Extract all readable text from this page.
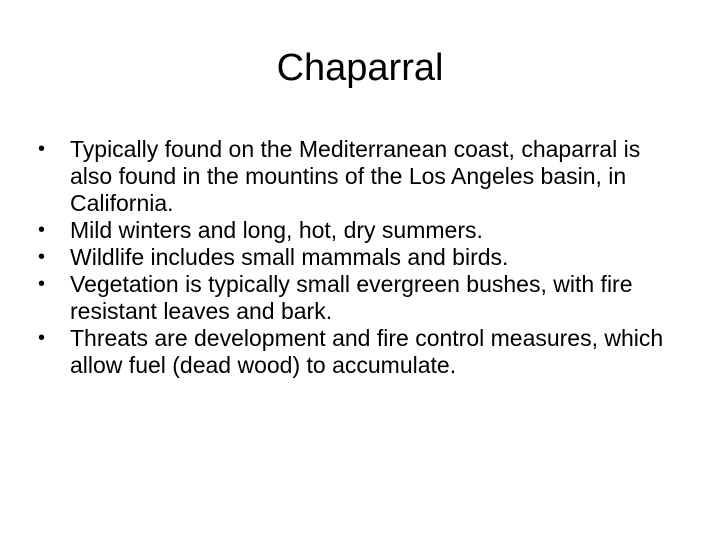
Chaparral
• Typically found on the Mediterranean coast, chaparral is also found in the mountins of the Los Angeles basin, in California.
• Mild winters and long, hot, dry summers.
• Wildlife includes small mammals and birds.
• Vegetation is typically small evergreen bushes, with fire resistant leaves and bark.
• Threats are development and fire control measures, which allow fuel (dead wood) to accumulate.
